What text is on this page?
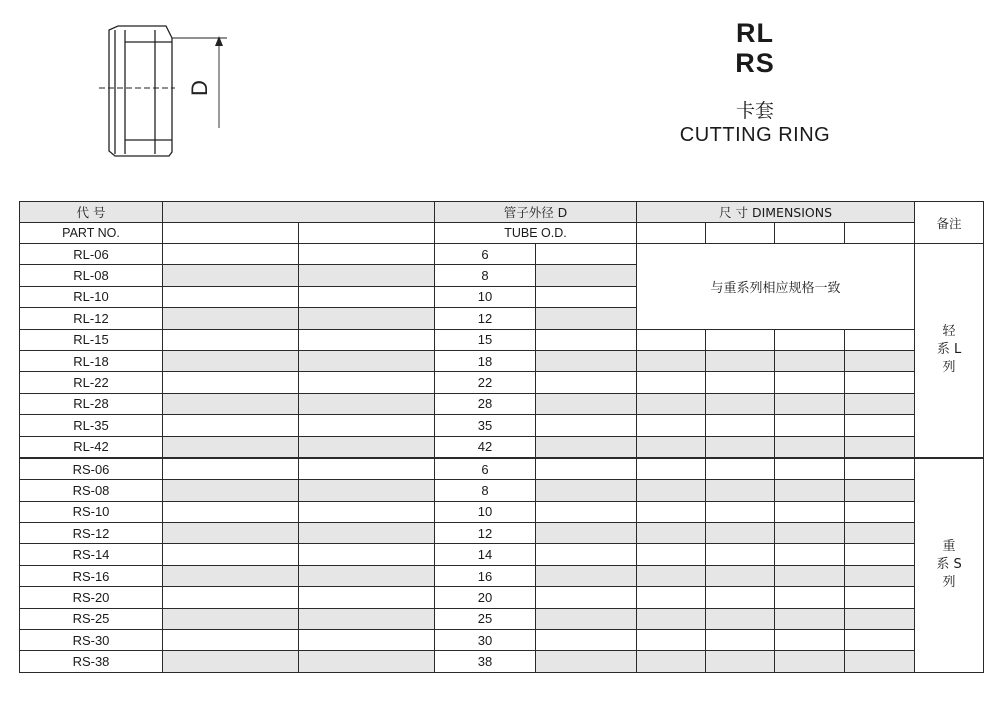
D
RL
RS
卡套
CUTTING RING
代 号			管子外径 D		尺 寸 DIMENSIONS				备注
PART NO.			TUBE O.D.						
RL-06			6		与重系列相应规格一致				轻
系 L
列

RL-08			8						
RL-10			10						
RL-12			12						
RL-15			15						
RL-18			18						
RL-22			22						
RL-28			28						
RL-35			35						
RL-42			42						
RS-06			6						重
系 S
列

RS-08			8						
RS-10			10						
RS-12			12						
RS-14			14						
RS-16			16						
RS-20			20						
RS-25			25						
RS-30			30						
RS-38			38						
